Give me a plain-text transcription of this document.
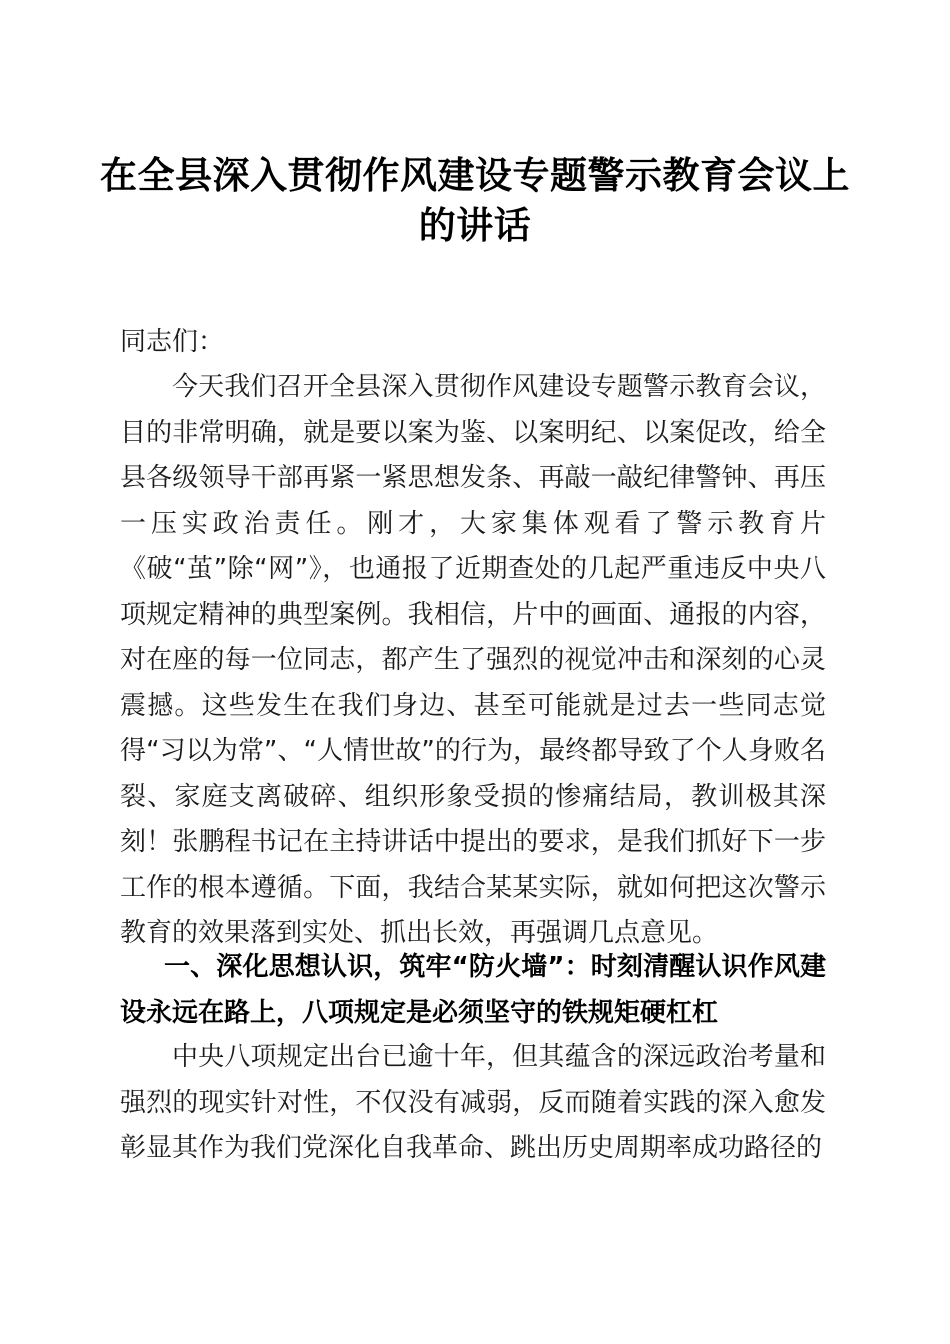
在全县深入贯彻作风建设专题警示教育会议上的讲话

同志们：

今天我们召开全县深入贯彻作风建设专题警示教育会议，目的非常明确，就是要以案为鉴、以案明纪、以案促改，给全县各级领导干部再紧一紧思想发条、再敲一敲纪律警钟、再压一压实政治责任。刚才，大家集体观看了警示教育片《破“茧”除“网”》，也通报了近期查处的几起严重违反中央八项规定精神的典型案例。我相信，片中的画面、通报的内容，对在座的每一位同志，都产生了强烈的视觉冲击和深刻的心灵震撼。这些发生在我们身边、甚至可能就是过去一些同志觉得“习以为常”、“人情世故”的行为，最终都导致了个人身败名裂、家庭支离破碎、组织形象受损的惨痛结局，教训极其深刻！张鹏程书记在主持讲话中提出的要求，是我们抓好下一步工作的根本遵循。下面，我结合某某实际，就如何把这次警示教育的效果落到实处、抓出长效，再强调几点意见。

一、深化思想认识，筑牢“防火墙”：时刻清醒认识作风建设永远在路上，八项规定是必须坚守的铁规矩硬杠杠

中央八项规定出台已逾十年，但其蕴含的深远政治考量和强烈的现实针对性，不仅没有减弱，反而随着实践的深入愈发彰显其作为我们党深化自我革命、跳出历史周期率成功路径的
